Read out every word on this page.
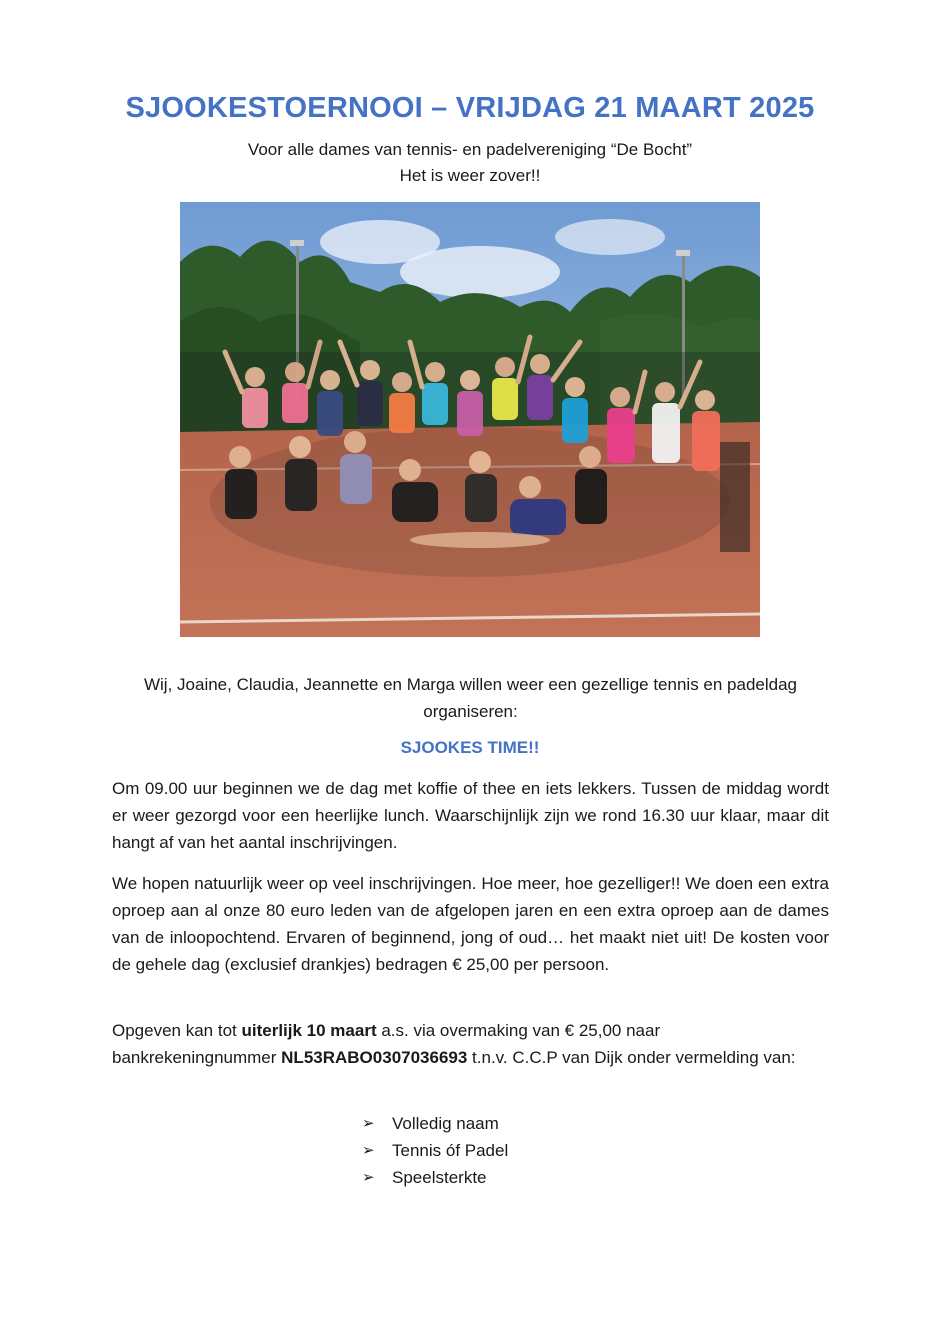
SJOOKESTOERNOOI – VRIJDAG 21 MAART 2025
Voor alle dames van tennis- en padelvereniging “De Bocht”
Het is weer zover!!
Wij, Joaine, Claudia, Jeannette en Marga willen weer een gezellige tennis en padeldag organiseren:
SJOOKES TIME!!
Om 09.00 uur beginnen we de dag met koffie of thee en iets lekkers. Tussen de middag wordt er weer gezorgd voor een heerlijke lunch. Waarschijnlijk zijn we rond 16.30 uur klaar, maar dit hangt af van het aantal inschrijvingen.
We hopen natuurlijk weer op veel inschrijvingen. Hoe meer, hoe gezelliger!! We doen een extra oproep aan al onze 80 euro leden van de afgelopen jaren en een extra oproep aan de dames van de inloopochtend. Ervaren of beginnend, jong of oud… het maakt niet uit! De kosten voor de gehele dag (exclusief drankjes) bedragen € 25,00 per persoon.
Opgeven kan tot uiterlijk 10 maart a.s. via overmaking van € 25,00 naar bankrekeningnummer NL53RABO0307036693 t.n.v. C.C.P van Dijk onder vermelding van:
➢	Volledig naam
➢	Tennis óf Padel
➢	Speelsterkte
